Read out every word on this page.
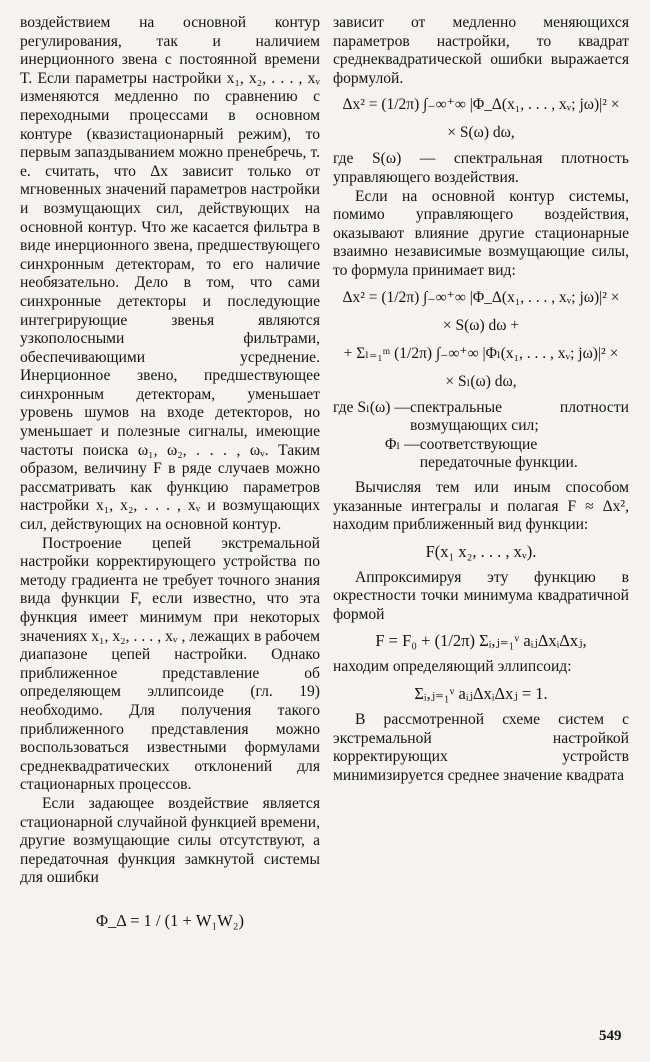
воздействием на основной контур регулирования, так и наличием инерционного звена с постоянной времени T. Если параметры настройки x₁, x₂, . . . , xᵥ изменяются медленно по сравнению с переходными процессами в основном контуре (квазистационарный режим), то первым запаздыванием можно пренебречь, т. е. считать, что Δx зависит только от мгновенных значений параметров настройки и возмущающих сил, действующих на основной контур. Что же касается фильтра в виде инерционного звена, предшествующего синхронным детекторам, то его наличие необязательно. Дело в том, что сами синхронные детекторы и последующие интегрирующие звенья являются узкополосными фильтрами, обеспечивающими усреднение. Инерционное звено, предшествующее синхронным детекторам, уменьшает уровень шумов на входе детекторов, но уменьшает и полезные сигналы, имеющие частоты поиска ω₁, ω₂, . . . , ωᵥ. Таким образом, величину F в ряде случаев можно рассматривать как функцию параметров настройки x₁, x₂, . . . , xᵥ и возмущающих сил, действующих на основной контур.

Построение цепей экстремальной настройки корректирующего устройства по методу градиента не требует точного знания вида функции F, если известно, что эта функция имеет минимум при некоторых значениях x₁, x₂, . . . , xᵥ , лежащих в рабочем диапазоне цепей настройки. Однако приближенное представление об определяющем эллипсоиде (гл. 19) необходимо. Для получения такого приближенного представления можно воспользоваться известными формулами среднеквадратических отклонений для стационарных процессов.

Если задающее воздействие является стационарной случайной функцией времени, другие возмущающие силы отсутствуют, а передаточная функция замкнутой системы для ошибки

Φ_Δ = 1 / (1 + W₁W₂)

зависит от медленно меняющихся параметров настройки, то квадрат среднеквадратической ошибки выражается формулой.

Δx² = (1/2π) ∫₋∞⁺∞ |Φ_Δ(x₁, . . . , xᵥ; jω)|² ×
× S(ω) dω,

где S(ω) — спектральная плотность управляющего воздействия.

Если на основной контур системы, помимо управляющего воздействия, оказывают влияние другие стационарные взаимно независимые возмущающие силы, то формула принимает вид:

Δx² = (1/2π) ∫₋∞⁺∞ |Φ_Δ(x₁, . . . , xᵥ; jω)|² ×
× S(ω) dω +
+ Σₗ₌₁ᵐ (1/2π) ∫₋∞⁺∞ |Φₗ(x₁, . . . , xᵥ; jω)|² ×
× Sₗ(ω) dω,
где Sₗ(ω) — спектральные плотности возмущающих сил;
Φₗ — соответствующие передаточные функции.

Вычисляя тем или иным способом указанные интегралы и полагая F ≈ Δx², находим приближенный вид функции:

F(x₁ x₂, . . . , xᵥ).

Аппроксимируя эту функцию в окрестности точки минимума квадратичной формой

F = F₀ + (1/2π) Σᵢ,ⱼ₌₁ᵛ aᵢⱼΔxᵢΔxⱼ,

находим определяющий эллипсоид:

Σᵢ,ⱼ₌₁ᵛ aᵢⱼΔxᵢΔxⱼ = 1.

В рассмотренной схеме систем с экстремальной настройкой корректирующих устройств минимизируется среднее значение квадрата

549
